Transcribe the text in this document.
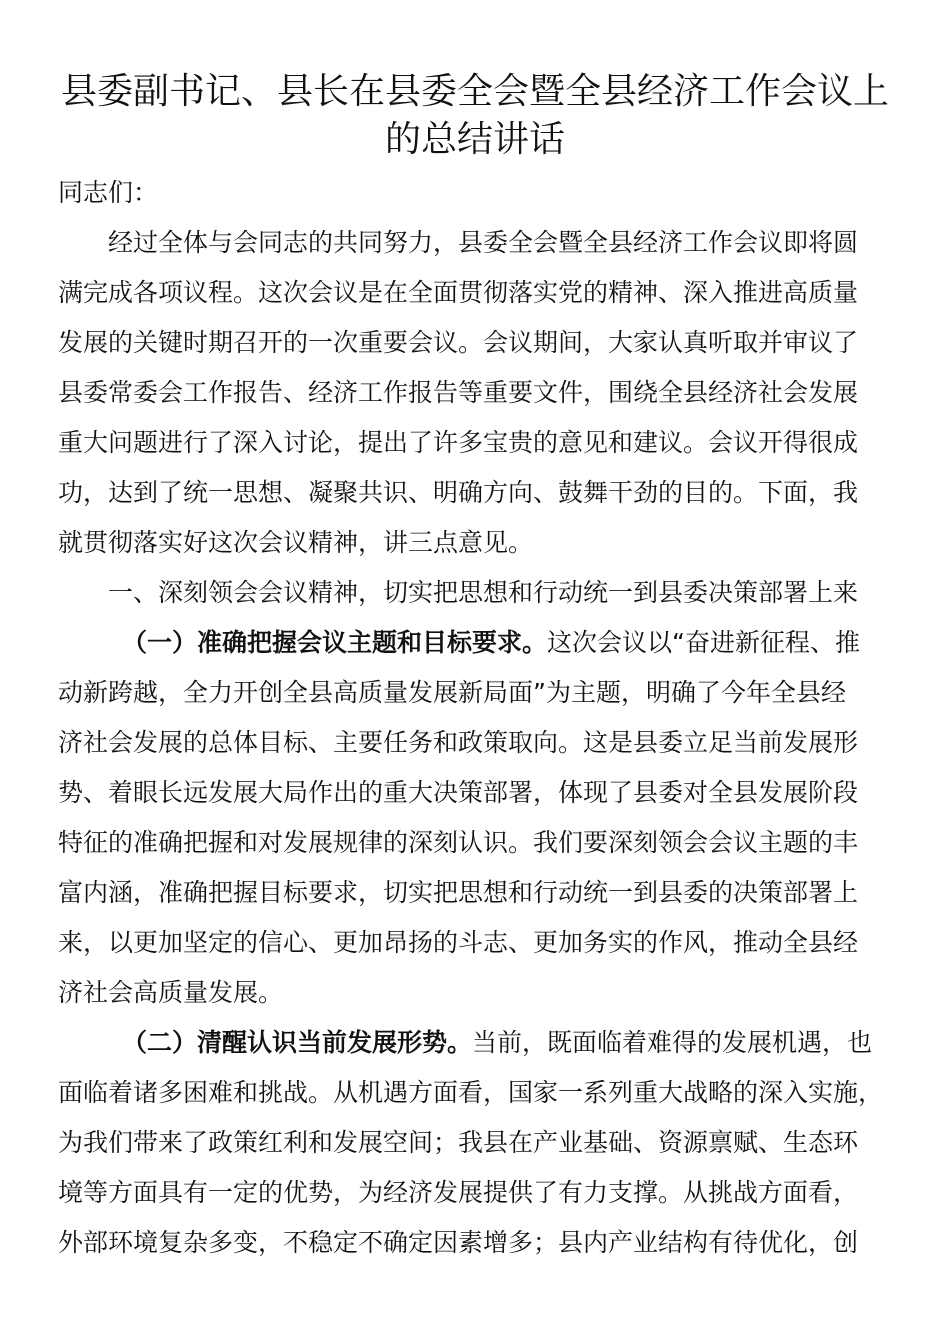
县委副书记、县长在县委全会暨全县经济工作会议上
的总结讲话
同志们：
经过全体与会同志的共同努力，县委全会暨全县经济工作会议即将圆
满完成各项议程。这次会议是在全面贯彻落实党的精神、深入推进高质量
发展的关键时期召开的一次重要会议。会议期间，大家认真听取并审议了
县委常委会工作报告、经济工作报告等重要文件，围绕全县经济社会发展
重大问题进行了深入讨论，提出了许多宝贵的意见和建议。会议开得很成
功，达到了统一思想、凝聚共识、明确方向、鼓舞干劲的目的。下面，我
就贯彻落实好这次会议精神，讲三点意见。
一、深刻领会会议精神，切实把思想和行动统一到县委决策部署上来
（一）准确把握会议主题和目标要求。这次会议以“奋进新征程、推
动新跨越，全力开创全县高质量发展新局面”为主题，明确了今年全县经
济社会发展的总体目标、主要任务和政策取向。这是县委立足当前发展形
势、着眼长远发展大局作出的重大决策部署，体现了县委对全县发展阶段
特征的准确把握和对发展规律的深刻认识。我们要深刻领会会议主题的丰
富内涵，准确把握目标要求，切实把思想和行动统一到县委的决策部署上
来，以更加坚定的信心、更加昂扬的斗志、更加务实的作风，推动全县经
济社会高质量发展。
（二）清醒认识当前发展形势。当前，既面临着难得的发展机遇，也
面临着诸多困难和挑战。从机遇方面看，国家一系列重大战略的深入实施，
为我们带来了政策红利和发展空间；我县在产业基础、资源禀赋、生态环
境等方面具有一定的优势，为经济发展提供了有力支撑。从挑战方面看，
外部环境复杂多变，不稳定不确定因素增多；县内产业结构有待优化，创
